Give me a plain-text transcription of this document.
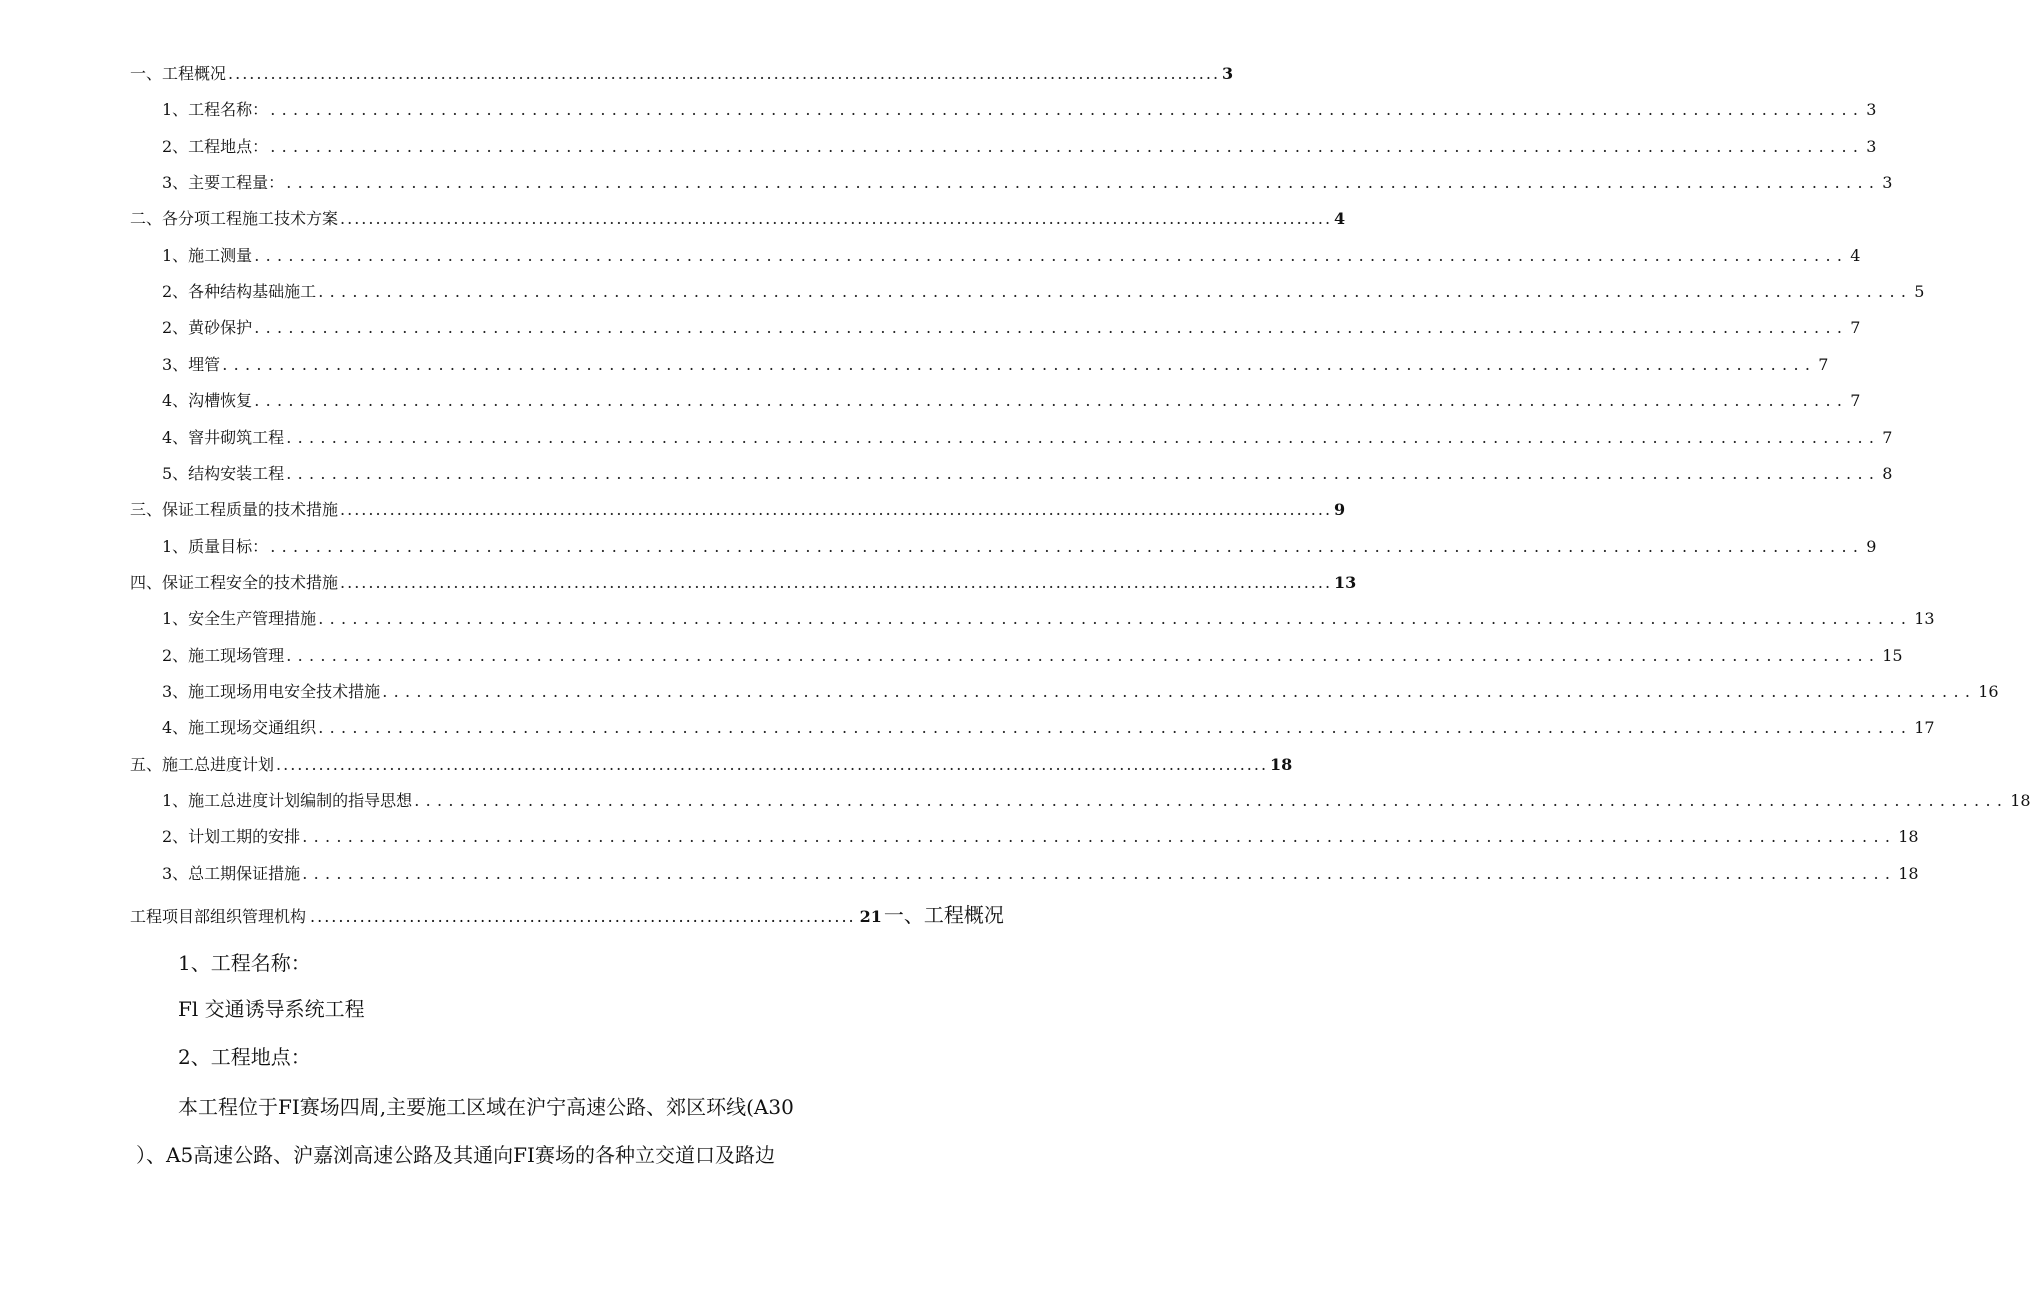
一、工程概况 ............................................................................................................................................ 3
1、工程名称： ............................................................................................................................................ 3
2、工程地点： ............................................................................................................................................ 3
3、主要工程量： ............................................................................................................................................ 3
二、各分项工程施工技术方案 ............................................................................................................................................ 4
1、施工测量 ............................................................................................................................................ 4
2、各种结构基础施工 ............................................................................................................................................ 5
2、黄砂保护 ............................................................................................................................................ 7
3、埋管 ............................................................................................................................................ 7
4、沟槽恢复 ............................................................................................................................................ 7
4、窨井砌筑工程 ............................................................................................................................................ 7
5、结构安装工程 ............................................................................................................................................ 8
三、保证工程质量的技术措施 ............................................................................................................................................ 9
1、质量目标： ............................................................................................................................................ 9
四、保证工程安全的技术措施 ............................................................................................................................................ 13
1、安全生产管理措施 ............................................................................................................................................ 13
2、施工现场管理 ............................................................................................................................................ 15
3、施工现场用电安全技术措施 ............................................................................................................................................ 16
4、施工现场交通组织 ............................................................................................................................................ 17
五、施工总进度计划 ............................................................................................................................................ 18
1、施工总进度计划编制的指导思想 ............................................................................................................................................ 18
2、计划工期的安排 ............................................................................................................................................ 18
3、总工期保证措施 ............................................................................................................................................ 18
工程项目部组织管理机构 ............................................................................. 21 一、工程概况
1、工程名称：
Fl 交通诱导系统工程
2、工程地点：
本工程位于FI赛场四周,主要施工区域在沪宁高速公路、郊区环线(A30
）、A5高速公路、沪嘉浏高速公路及其通向FI赛场的各种立交道口及路边
